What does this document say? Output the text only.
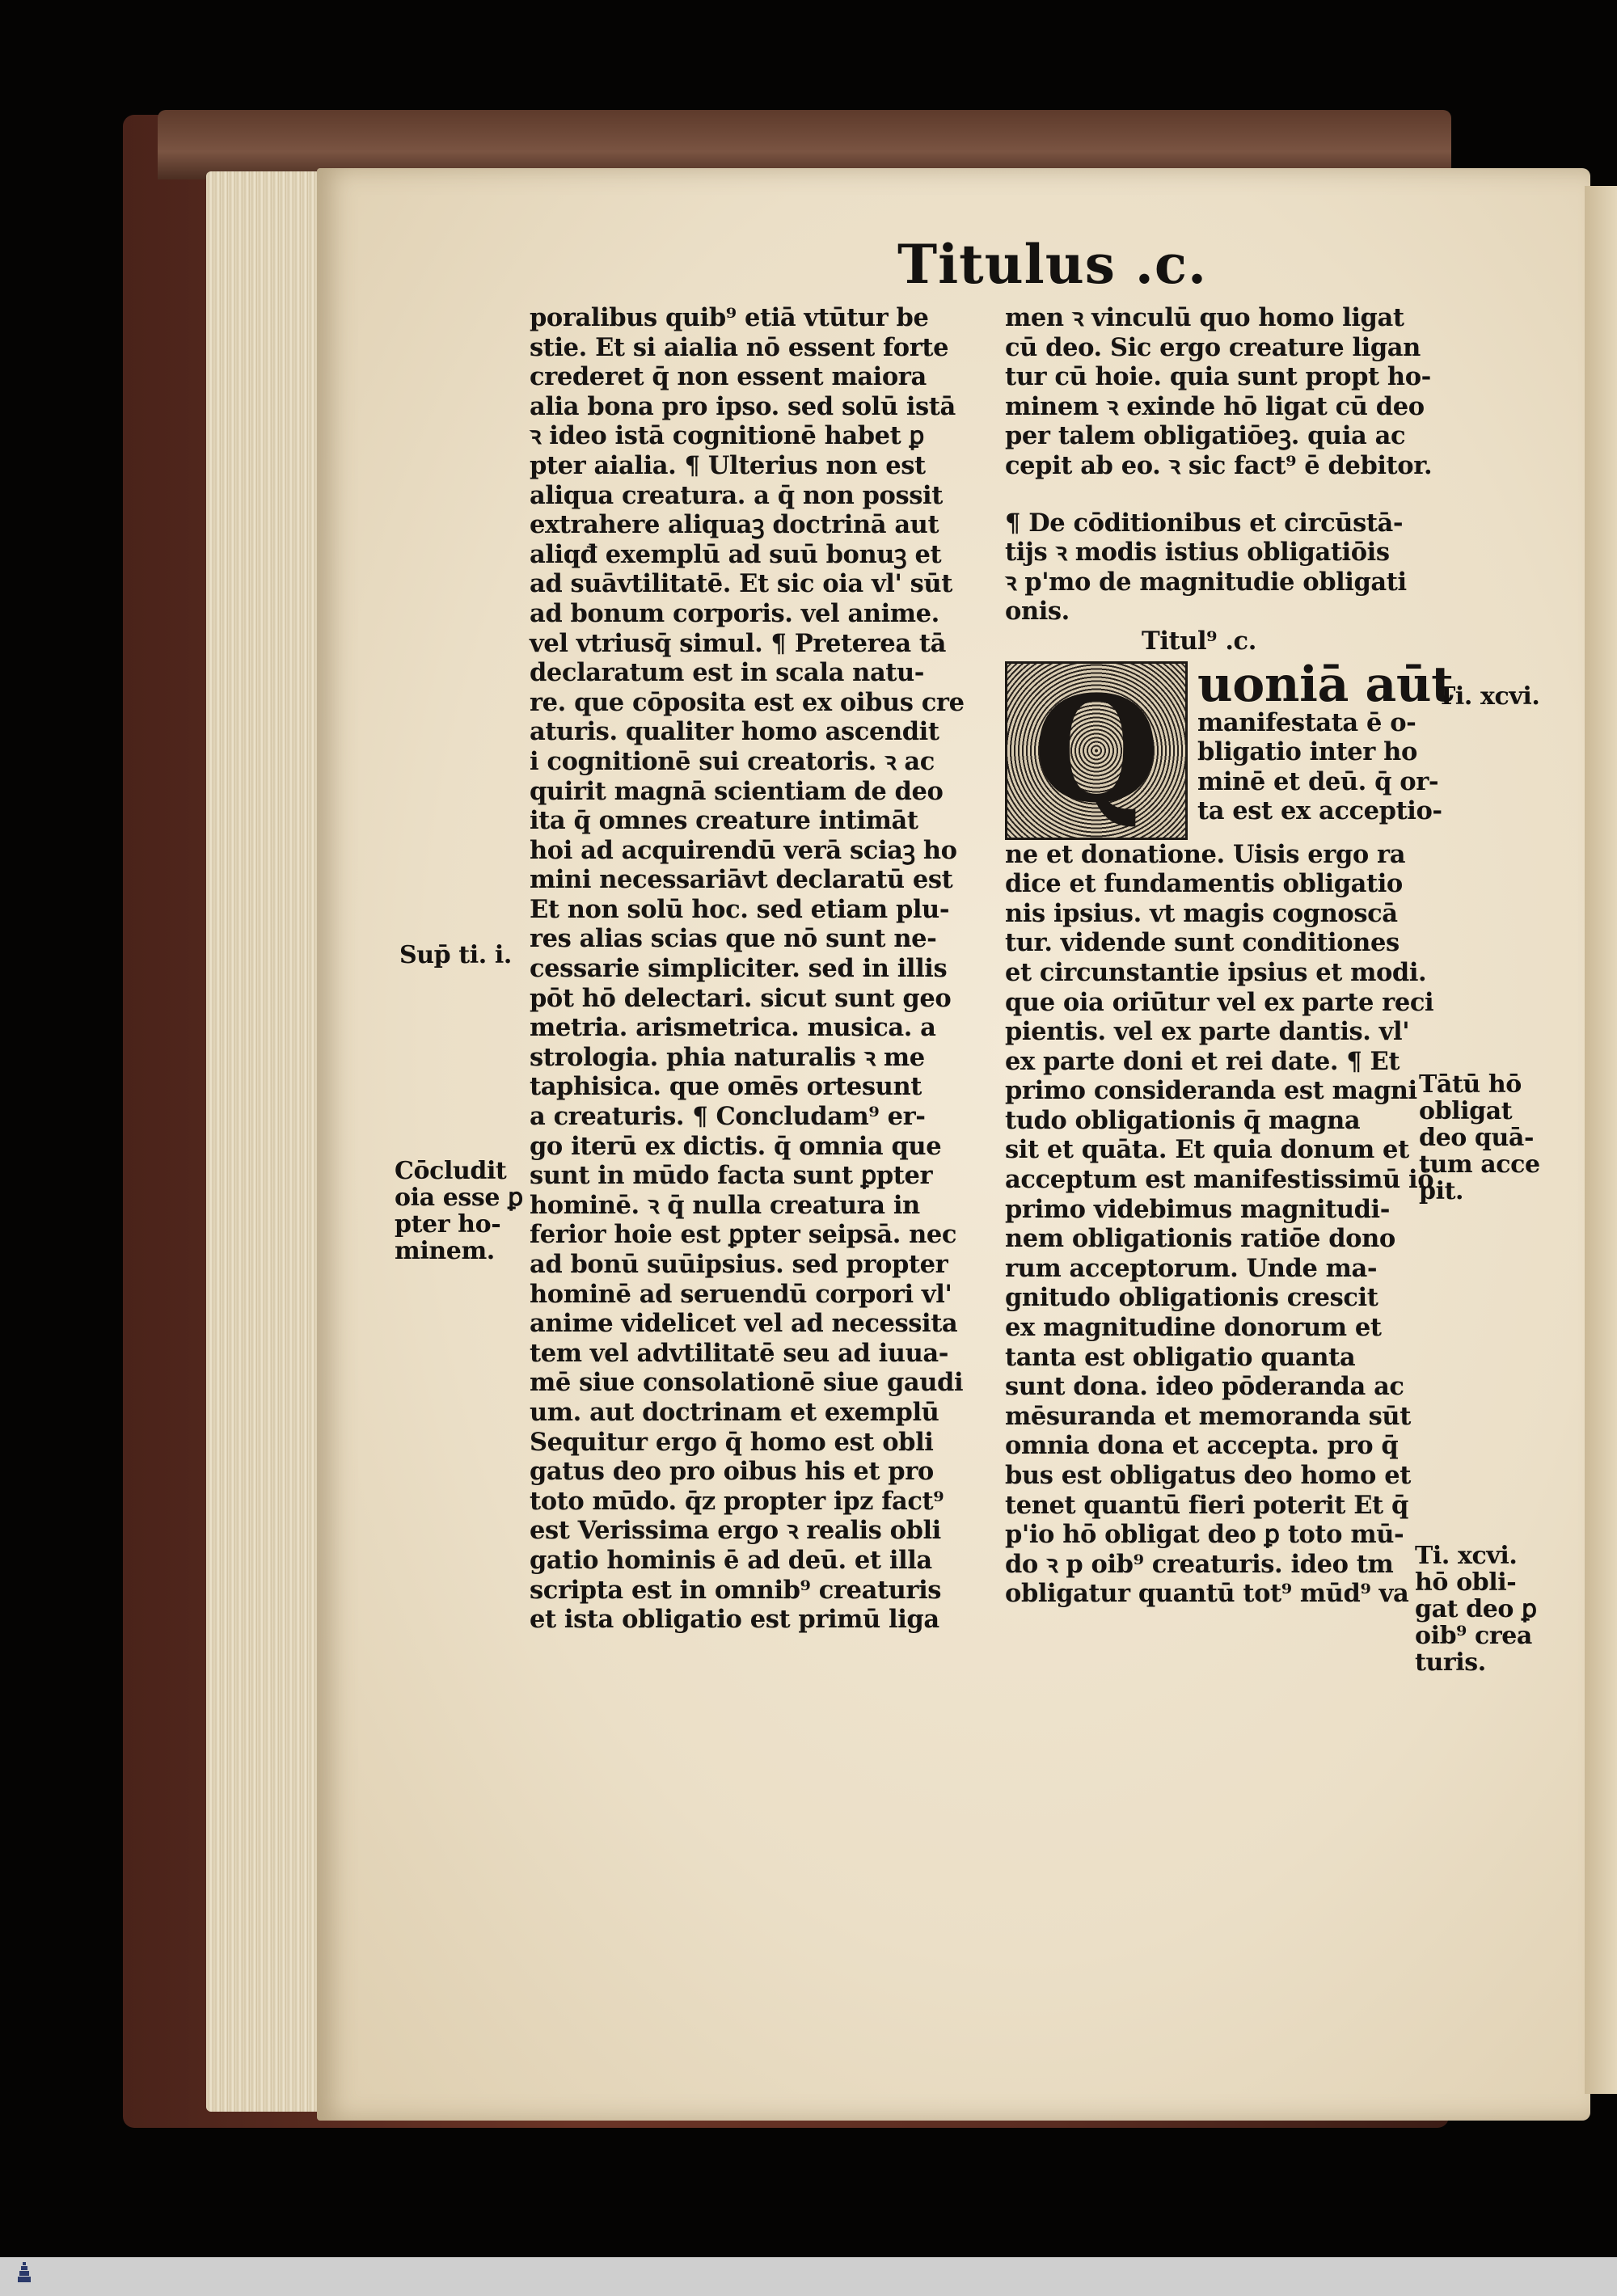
Titulus .c.
poralibus quib⁹ etiā vtūtur be
stie. Et si aialia nō essent forte
crederet q̄ non essent maiora
alia bona pro ipso. sed solū istā
ꝛ ideo istā cognitionē habet ꝑ
pter aialia. ¶ Ulterius non est
aliqua creatura. a q̄ non possit
extrahere aliquaꝫ doctrinā aut
aliqđ exemplū ad suū bonuꝫ et
ad suāvtilitatē. Et sic oia vl' sūt
ad bonum corporis. vel anime.
vel vtriusq̄ simul. ¶ Preterea tā
declaratum est in scala natu-
re. que cōposita est ex oibus cre
aturis. qualiter homo ascendit
i cognitionē sui creatoris. ꝛ ac
quirit magnā scientiam de deo
ita q̄ omnes creature intimāt
hoi ad acquirendū verā sciaꝫ ho
mini necessariāvt declaratū est
Et non solū hoc. sed etiam plu-
res alias scias que nō sunt ne-
cessarie simpliciter. sed in illis
pōt hō delectari. sicut sunt geo
metria. arismetrica. musica. a
strologia. phia naturalis ꝛ me
taphisica. que omēs ortesunt
a creaturis. ¶ Concludam⁹ er-
go iterū ex dictis. q̄ omnia que
sunt in mūdo facta sunt ꝑpter
hominē. ꝛ q̄ nulla creatura in
ferior hoie est ꝑpter seipsā. nec
ad bonū suūipsius. sed propter
hominē ad seruendū corpori vl'
anime videlicet vel ad necessita
tem vel advtilitatē seu ad iuua-
mē siue consolationē siue gaudi
um. aut doctrinam et exemplū
Sequitur ergo q̄ homo est obli
gatus deo pro oibus his et pro
toto mūdo. q̄z propter ipz fact⁹
est Verissima ergo ꝛ realis obli
gatio hominis ē ad deū. et illa
scripta est in omnib⁹ creaturis
et ista obligatio est primū liga
men ꝛ vinculū quo homo ligat
cū deo. Sic ergo creature ligan
tur cū hoie. quia sunt propt ho-
minem ꝛ exinde hō ligat cū deo
per talem obligatiōeꝫ. quia ac
cepit ab eo. ꝛ sic fact⁹ ē debitor.
¶ De cōditionibus et circūstā-
tijs ꝛ modis istius obligatiōis
ꝛ p'mo de magnitudie obligati
onis.
Titul⁹ .c.
Q uoniā aūt
manifestata ē o-
bligatio inter ho
minē et deū. q̄ or-
ta est ex acceptio-
ne et donatione. Uisis ergo ra
dice et fundamentis obligatio
nis ipsius. vt magis cognoscā
tur. vidende sunt conditiones
et circunstantie ipsius et modi.
que oia oriūtur vel ex parte reci
pientis. vel ex parte dantis. vl'
ex parte doni et rei date. ¶ Et
primo consideranda est magni
tudo obligationis q̄ magna
sit et quāta. Et quia donum et
acceptum est manifestissimū iō
primo videbimus magnitudi-
nem obligationis ratiōe dono
rum acceptorum. Unde ma-
gnitudo obligationis crescit
ex magnitudine donorum et
tanta est obligatio quanta
sunt dona. ideo pōderanda ac
mēsuranda et memoranda sūt
omnia dona et accepta. pro q̄
bus est obligatus deo homo et
tenet quantū fieri poterit Et q̄
p'io hō obligat deo ꝑ toto mū-
do ꝛ p oib⁹ creaturis. ideo tm
obligatur quantū tot⁹ mūd⁹ va
Sup̄ ti. i.
Cōcludit
oia esse ꝑ
pter ho-
minem.
Ti. xcvi.
Tātū hō
obligat
deo quā-
tum acce
pit.
Ti. xcvi.
hō obli-
gat deo ꝑ
oib⁹ crea
turis.
